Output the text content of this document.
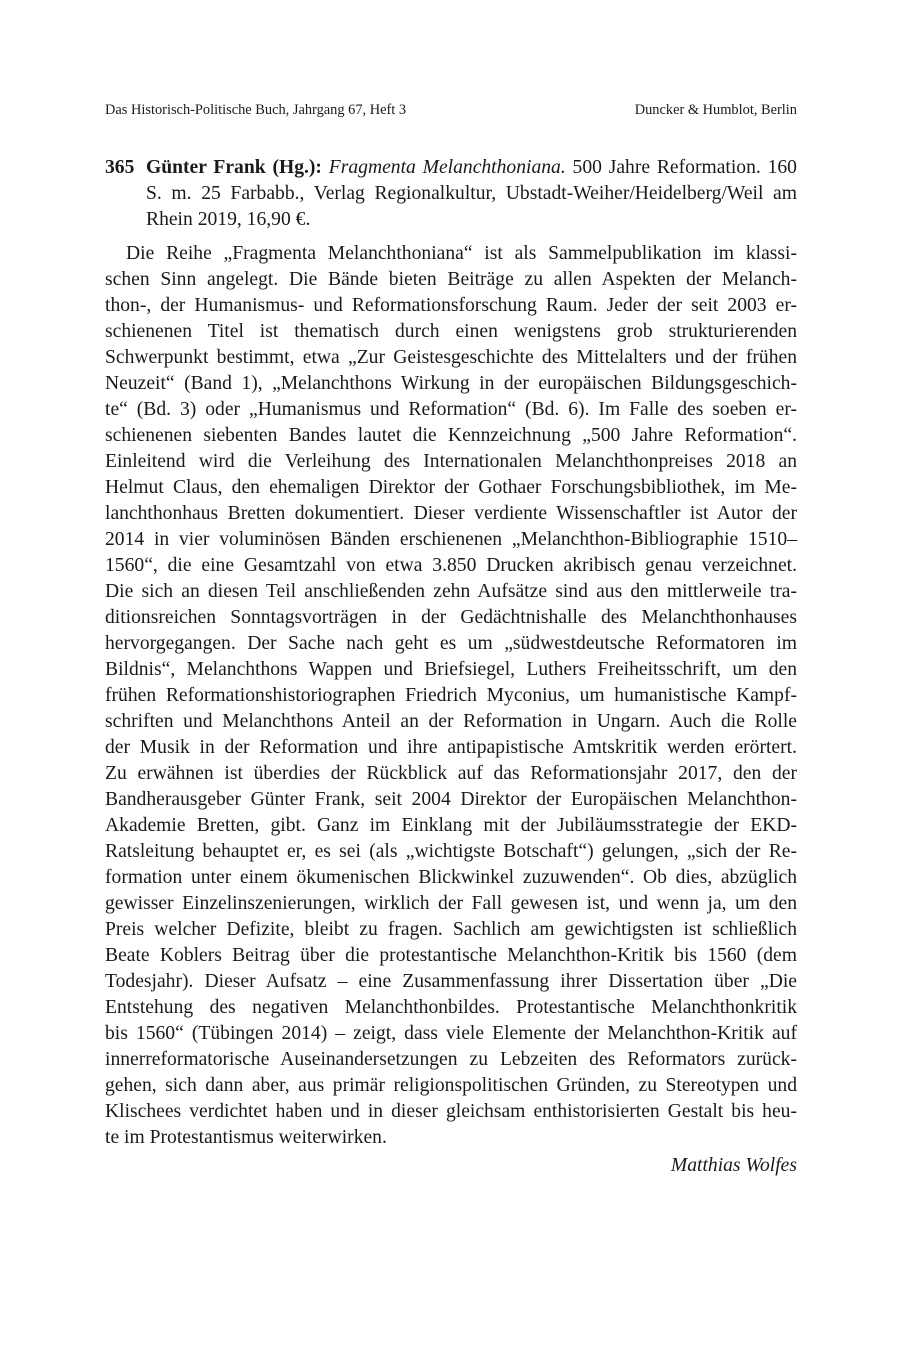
Das Historisch-Politische Buch, Jahrgang 67, Heft 3	Duncker & Humblot, Berlin
365 Günter Frank (Hg.): Fragmenta Melanchthoniana. 500 Jahre Reformation. 160 S. m. 25 Farbabb., Verlag Regionalkultur, Ubstadt-Weiher/Heidelberg/Weil am Rhein 2019, 16,90 €.
Die Reihe „Fragmenta Melanchthoniana“ ist als Sammelpublikation im klassi-
schen Sinn angelegt. Die Bände bieten Beiträge zu allen Aspekten der Melanch-
thon-, der Humanismus- und Reformationsforschung Raum. Jeder der seit 2003 er-
schienenen Titel ist thematisch durch einen wenigstens grob strukturierenden
Schwerpunkt bestimmt, etwa „Zur Geistesgeschichte des Mittelalters und der frühen
Neuzeit“ (Band 1), „Melanchthons Wirkung in der europäischen Bildungsgeschich-
te“ (Bd. 3) oder „Humanismus und Reformation“ (Bd. 6). Im Falle des soeben er-
schienenen siebenten Bandes lautet die Kennzeichnung „500 Jahre Reformation“.
Einleitend wird die Verleihung des Internationalen Melanchthonpreises 2018 an
Helmut Claus, den ehemaligen Direktor der Gothaer Forschungsbibliothek, im Me-
lanchthonhaus Bretten dokumentiert. Dieser verdiente Wissenschaftler ist Autor der
2014 in vier voluminösen Bänden erschienenen „Melanchthon-Bibliographie 1510–
1560“, die eine Gesamtzahl von etwa 3.850 Drucken akribisch genau verzeichnet.
Die sich an diesen Teil anschließenden zehn Aufsätze sind aus den mittlerweile tra-
ditionsreichen Sonntagsvorträgen in der Gedächtnishalle des Melanchthonhauses
hervorgegangen. Der Sache nach geht es um „südwestdeutsche Reformatoren im
Bildnis“, Melanchthons Wappen und Briefsiegel, Luthers Freiheitsschrift, um den
frühen Reformationshistoriographen Friedrich Myconius, um humanistische Kampf-
schriften und Melanchthons Anteil an der Reformation in Ungarn. Auch die Rolle
der Musik in der Reformation und ihre antipapistische Amtskritik werden erörtert.
Zu erwähnen ist überdies der Rückblick auf das Reformationsjahr 2017, den der
Bandherausgeber Günter Frank, seit 2004 Direktor der Europäischen Melanchthon-
Akademie Bretten, gibt. Ganz im Einklang mit der Jubiläumsstrategie der EKD-
Ratsleitung behauptet er, es sei (als „wichtigste Botschaft“) gelungen, „sich der Re-
formation unter einem ökumenischen Blickwinkel zuzuwenden“. Ob dies, abzüglich
gewisser Einzelinszenierungen, wirklich der Fall gewesen ist, und wenn ja, um den
Preis welcher Defizite, bleibt zu fragen. Sachlich am gewichtigsten ist schließlich
Beate Koblers Beitrag über die protestantische Melanchthon-Kritik bis 1560 (dem
Todesjahr). Dieser Aufsatz – eine Zusammenfassung ihrer Dissertation über „Die
Entstehung des negativen Melanchthonbildes. Protestantische Melanchthonkritik
bis 1560“ (Tübingen 2014) – zeigt, dass viele Elemente der Melanchthon-Kritik auf
innerreformatorische Auseinandersetzungen zu Lebzeiten des Reformators zurück-
gehen, sich dann aber, aus primär religionspolitischen Gründen, zu Stereotypen und
Klischees verdichtet haben und in dieser gleichsam enthistorisierten Gestalt bis heu-
te im Protestantismus weiterwirken.
Matthias Wolfes
